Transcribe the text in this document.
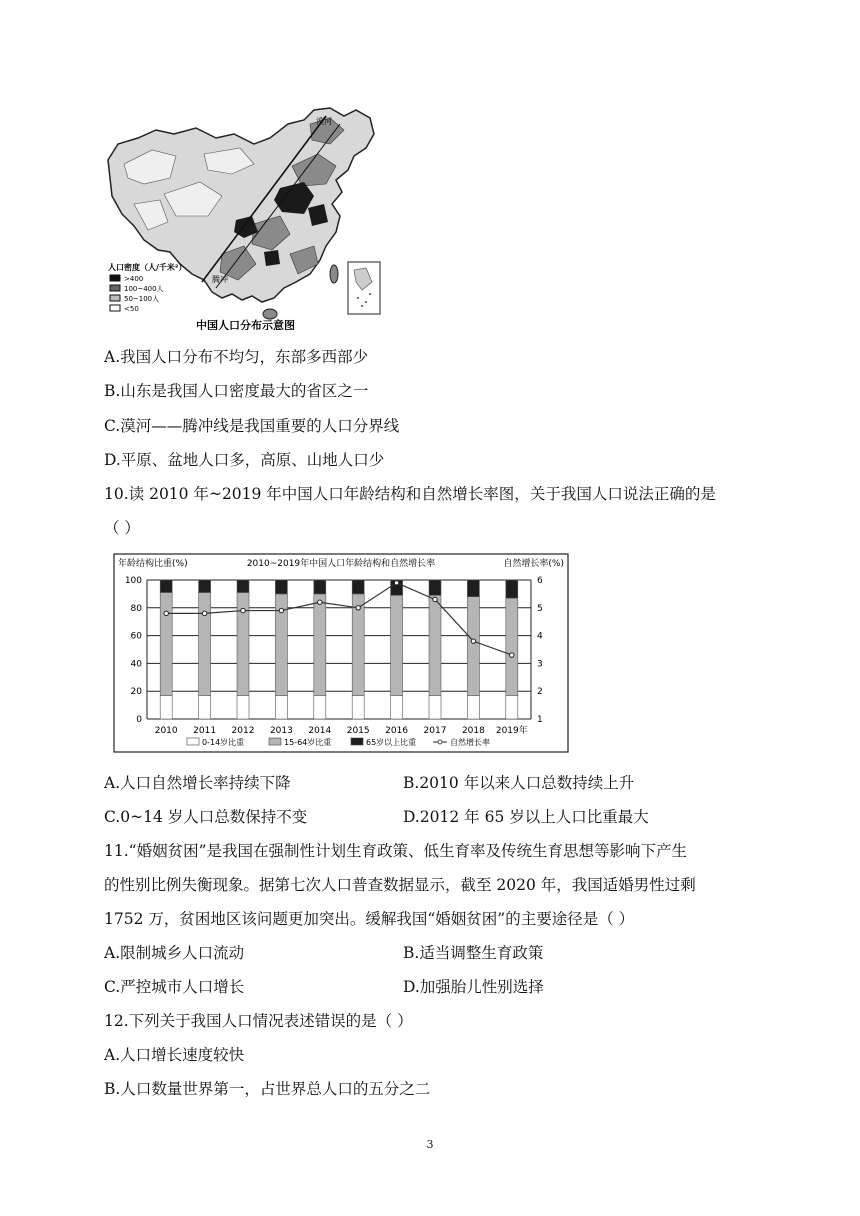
漠河
腾冲
人口密度（人/千米²）
>400
100~400人
50~100人
<50
中国人口分布示意图
A.我国人口分布不均匀，东部多西部少
B.山东是我国人口密度最大的省区之一
C.漠河——腾冲线是我国重要的人口分界线
D.平原、盆地人口多，高原、山地人口少
10.读 2010 年~2019 年中国人口年龄结构和自然增长率图，关于我国人口说法正确的是
（ ）
2010~2019年中国人口年龄结构和自然增长率
年龄结构比重(%)	自然增长率(%)
0
20
40
60
80
100
1
2
3
4
5
6
2010 2011 2012 2013 2014 2015 2016 2017 2018 2019年
0-14岁比重	15-64岁比重	65岁以上比重	自然增长率
A.人口自然增长率持续下降	B.2010 年以来人口总数持续上升
C.0~14 岁人口总数保持不变	D.2012 年 65 岁以上人口比重最大
11.“婚姻贫困”是我国在强制性计划生育政策、低生育率及传统生育思想等影响下产生
的性别比例失衡现象。据第七次人口普查数据显示，截至 2020 年，我国适婚男性过剩
1752 万，贫困地区该问题更加突出。缓解我国“婚姻贫困”的主要途径是（ ）
A.限制城乡人口流动	B.适当调整生育政策
C.严控城市人口增长	D.加强胎儿性别选择
12.下列关于我国人口情况表述错误的是（ ）
A.人口增长速度较快
B.人口数量世界第一，占世界总人口的五分之二
3
